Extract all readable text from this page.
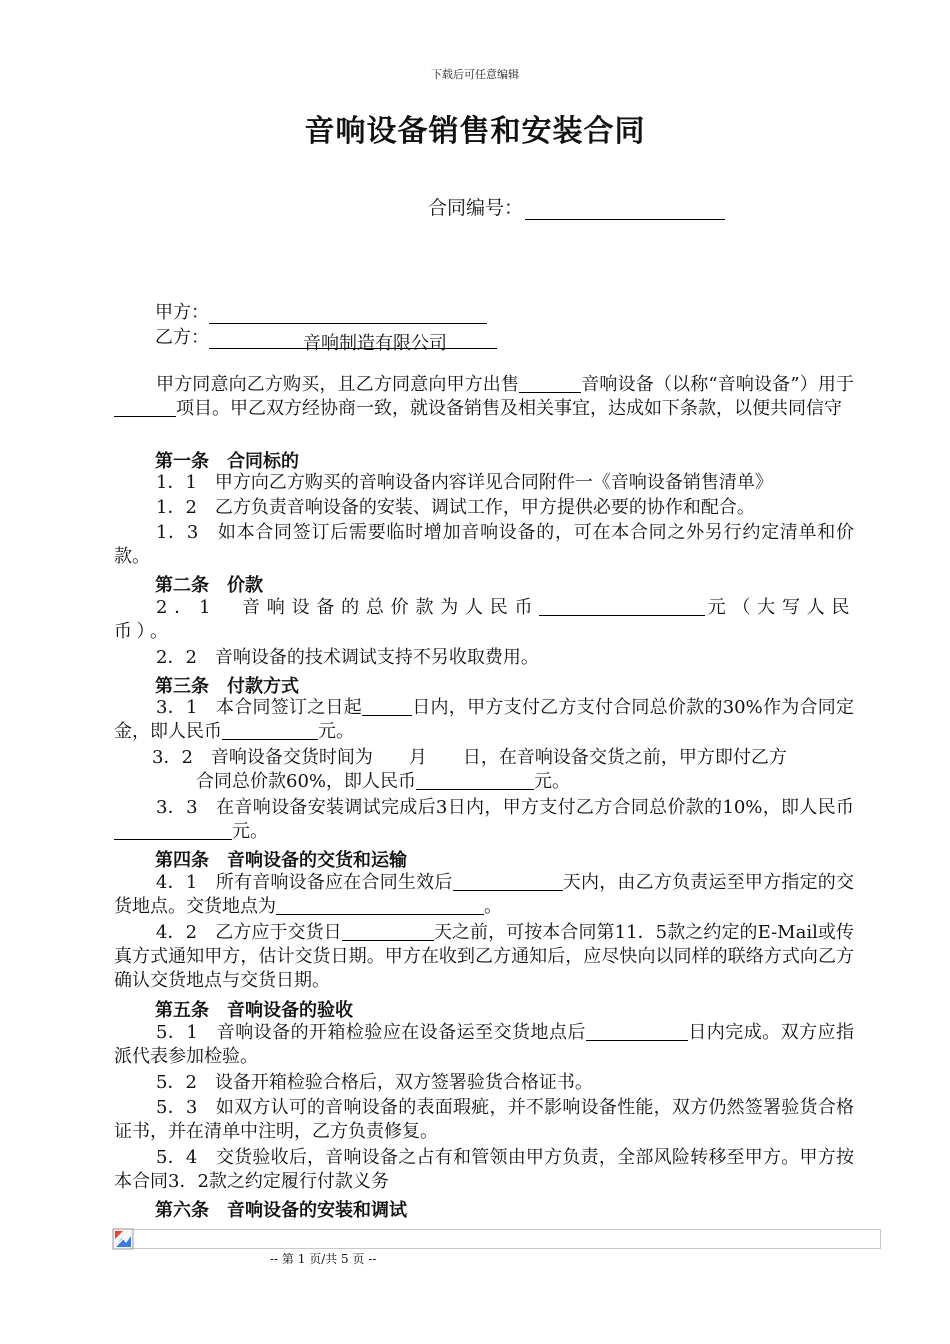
下载后可任意编辑
音响设备销售和安装合同
合同编号：
甲方：
乙方：	音响制造有限公司

甲方同意向乙方购买，且乙方同意向甲方出售	音响设备（以称“音响设备”）用于项目。甲乙双方经协商一致，就设备销售及相关事宜，达成如下条款，以便共同信守

第一条　合同标的

1．1　甲方向乙方购买的音响设备内容详见合同附件一《音响设备销售清单》

1．2　乙方负责音响设备的安装、调试工作，甲方提供必要的协作和配合。

1．3　如本合同签订后需要临时增加音响设备的，可在本合同之外另行约定清单和价款。

第二条　价款

2．1　音响设备的总价款为人民币	元（大写人民币）。

2．2　音响设备的技术调试支持不另收取费用。

第三条　付款方式

3．1　本合同签订之日起	日内，甲方支付乙方支付合同总价款的30%作为合同定金，即人民币	元。

3．2　音响设备交货时间为　　月　　日，在音响设备交货之前，甲方即付乙方
合同总价款60%，即人民币	元。

3．3　在音响设备安装调试完成后3日内，甲方支付乙方合同总价款的10%，即人民币元。

第四条　音响设备的交货和运输

4．1　所有音响设备应在合同生效后	天内，由乙方负责运至甲方指定的交货地点。交货地点为	。

4．2　乙方应于交货日	天之前，可按本合同第11．5款之约定的E-Mail或传真方式通知甲方，估计交货日期。甲方在收到乙方通知后，应尽快向以同样的联络方式向乙方确认交货地点与交货日期。

第五条　音响设备的验收

5．1　音响设备的开箱检验应在设备运至交货地点后	日内完成。双方应指派代表参加检验。

5．2　设备开箱检验合格后，双方签署验货合格证书。

5．3　如双方认可的音响设备的表面瑕疵，并不影响设备性能，双方仍然签署验货合格证书，并在清单中注明，乙方负责修复。

5．4　交货验收后，音响设备之占有和管领由甲方负责，全部风险转移至甲方。甲方按本合同3．2款之约定履行付款义务

第六条　音响设备的安装和调试
-- 第 1 页/共 5 页 --
